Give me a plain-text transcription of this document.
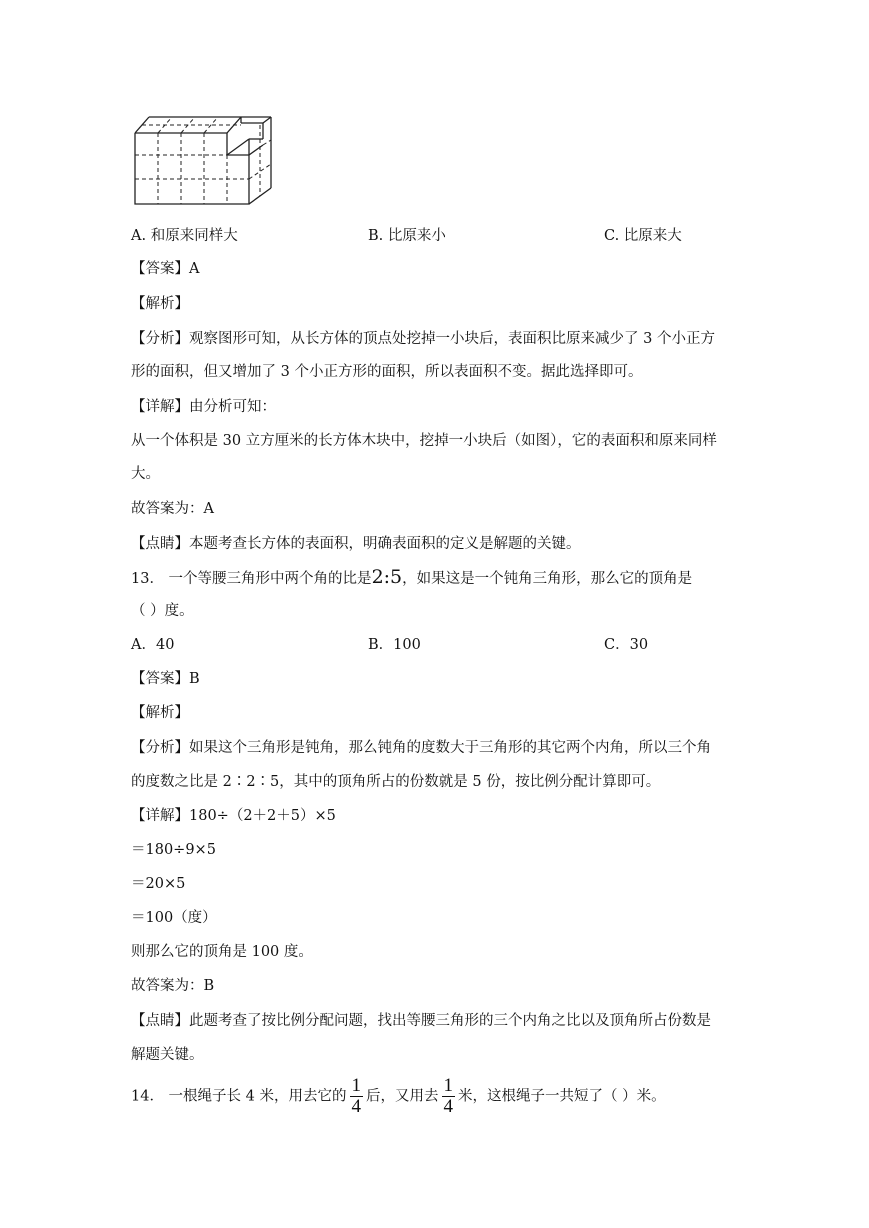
A. 和原来同样大	B. 比原来小	C. 比原来大
【答案】A
【解析】
【分析】观察图形可知，从长方体的顶点处挖掉一小块后，表面积比原来减少了 3 个小正方
形的面积，但又增加了 3 个小正方形的面积，所以表面积不变。据此选择即可。
【详解】由分析可知：
从一个体积是 30 立方厘米的长方体木块中，挖掉一小块后（如图），它的表面积和原来同样
大。
故答案为：A
【点睛】本题考查长方体的表面积，明确表面积的定义是解题的关键。
13． 一个等腰三角形中两个角的比是2:5，如果这是一个钝角三角形，那么它的顶角是
（ ）度。
A．40	B．100	C．30
【答案】B
【解析】
【分析】如果这个三角形是钝角，那么钝角的度数大于三角形的其它两个内角，所以三个角
的度数之比是 2∶2∶5，其中的顶角所占的份数就是 5 份，按比例分配计算即可。
【详解】180÷（2＋2＋5）×5
＝180÷9×5
＝20×5
＝100（度）
则那么它的顶角是 100 度。
故答案为：B
【点睛】此题考查了按比例分配问题，找出等腰三角形的三个内角之比以及顶角所占份数是
解题关键。
14． 一根绳子长 4 米，用去它的 $\frac{1}{4}$ 后，又用去 $\frac{1}{4}$ 米，这根绳子一共短了（ ）米。
